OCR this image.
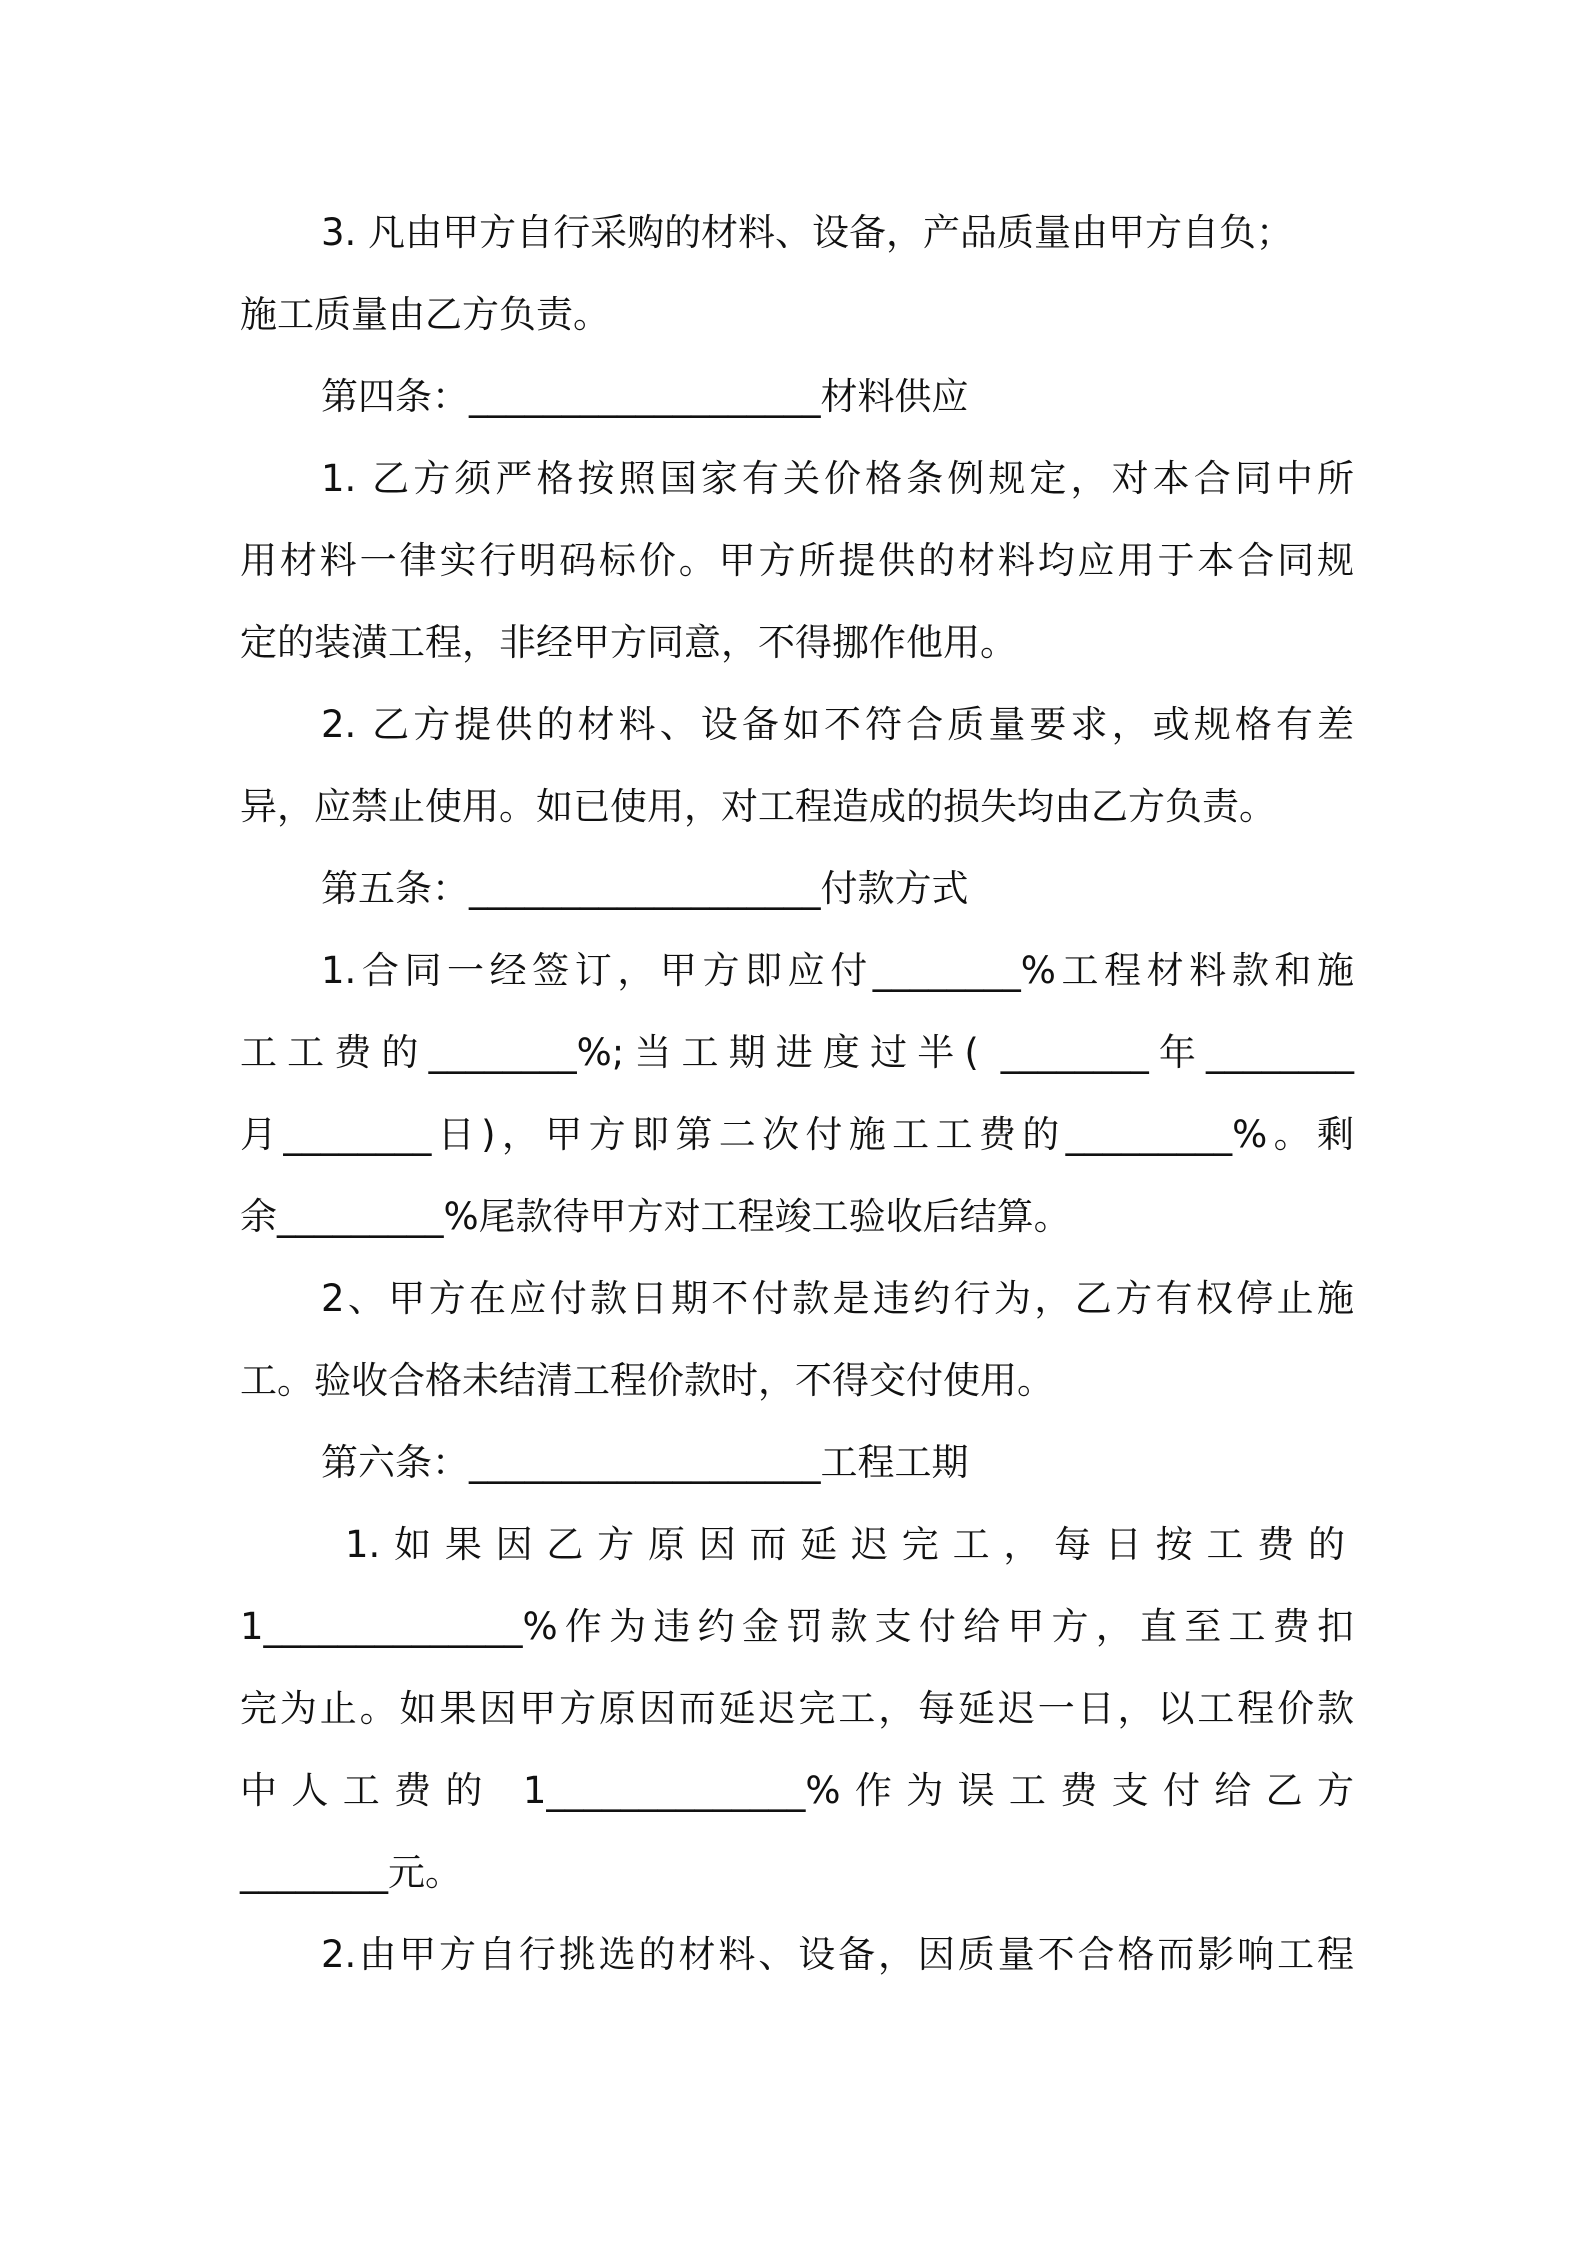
3. 凡由甲方自行采购的材料、设备，产品质量由甲方自负；

施工质量由乙方负责。

第四条：___________________材料供应

1. 乙方须严格按照国家有关价格条例规定，对本合同中所

用材料一律实行明码标价。甲方所提供的材料均应用于本合同规

定的装潢工程，非经甲方同意，不得挪作他用。

2. 乙方提供的材料、设备如不符合质量要求，或规格有差

异，应禁止使用。如已使用，对工程造成的损失均由乙方负责。

第五条：___________________付款方式

1.合同一经签订，甲方即应付________%工程材料款和施

工工费的________%;当工期进度过半( ________年________

月________日)，甲方即第二次付施工工费的_________%。剩

余_________%尾款待甲方对工程竣工验收后结算。

2、甲方在应付款日期不付款是违约行为，乙方有权停止施

工。验收合格未结清工程价款时，不得交付使用。

第六条：___________________工程工期

1.如果因乙方原因而延迟完工，每日按工费的

1______________%作为违约金罚款支付给甲方，直至工费扣

完为止。如果因甲方原因而延迟完工，每延迟一日，以工程价款

中人工费的 1______________%作为误工费支付给乙方

________元。

2.由甲方自行挑选的材料、设备，因质量不合格而影响工程
